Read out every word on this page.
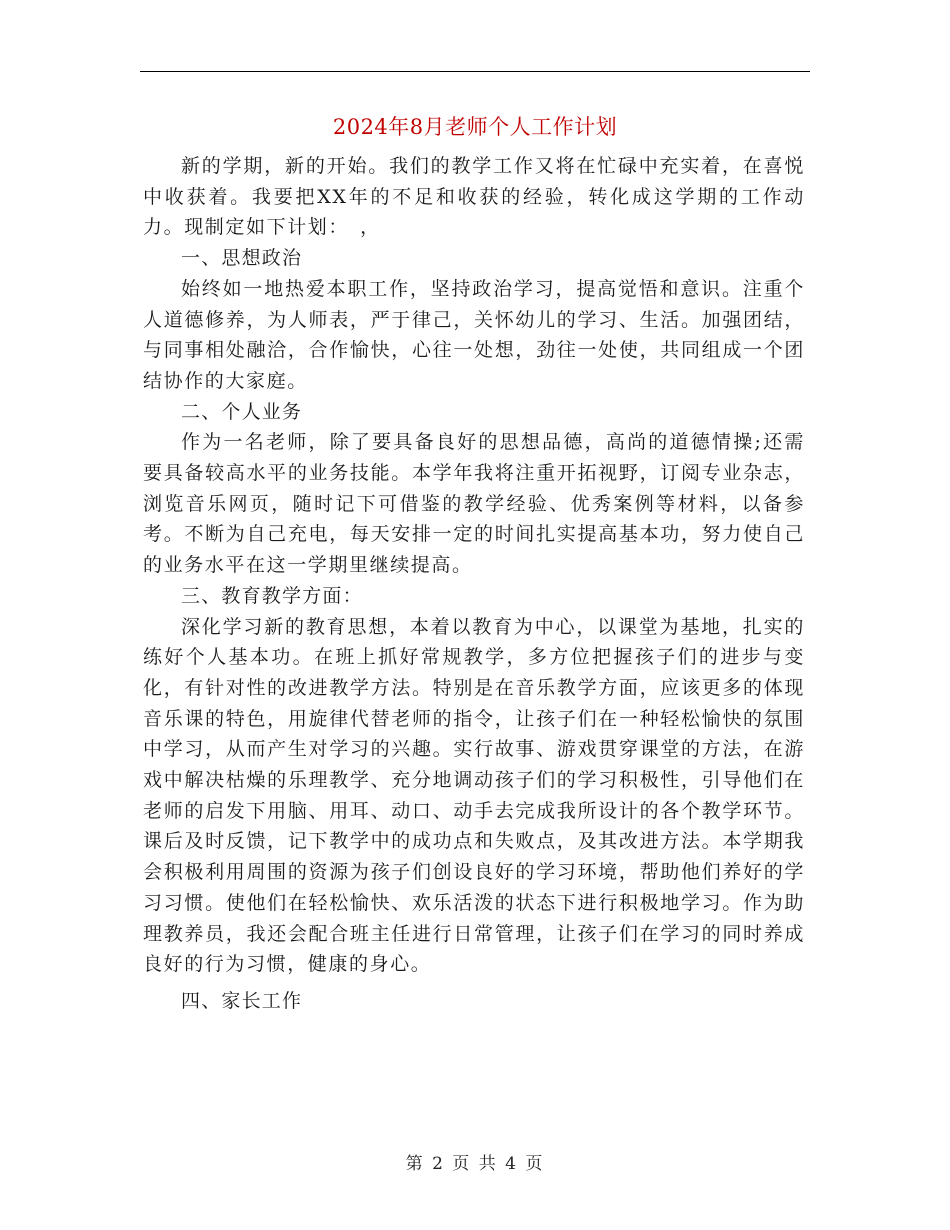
2024年8月老师个人工作计划

新的学期，新的开始。我们的教学工作又将在忙碌中充实着，在喜悦中收获着。我要把XX年的不足和收获的经验，转化成这学期的工作动力。现制定如下计划：　，

一、思想政治

始终如一地热爱本职工作，坚持政治学习，提高觉悟和意识。注重个人道德修养，为人师表，严于律己，关怀幼儿的学习、生活。加强团结，与同事相处融洽，合作愉快，心往一处想，劲往一处使，共同组成一个团结协作的大家庭。

二、个人业务

作为一名老师，除了要具备良好的思想品德，高尚的道德情操;还需要具备较高水平的业务技能。本学年我将注重开拓视野，订阅专业杂志，浏览音乐网页，随时记下可借鉴的教学经验、优秀案例等材料，以备参考。不断为自己充电，每天安排一定的时间扎实提高基本功，努力使自己的业务水平在这一学期里继续提高。

三、教育教学方面：

深化学习新的教育思想，本着以教育为中心，以课堂为基地，扎实的练好个人基本功。在班上抓好常规教学，多方位把握孩子们的进步与变化，有针对性的改进教学方法。特别是在音乐教学方面，应该更多的体现音乐课的特色，用旋律代替老师的指令，让孩子们在一种轻松愉快的氛围中学习，从而产生对学习的兴趣。实行故事、游戏贯穿课堂的方法，在游戏中解决枯燥的乐理教学、充分地调动孩子们的学习积极性，引导他们在老师的启发下用脑、用耳、动口、动手去完成我所设计的各个教学环节。课后及时反馈，记下教学中的成功点和失败点，及其改进方法。本学期我会积极利用周围的资源为孩子们创设良好的学习环境，帮助他们养好的学习习惯。使他们在轻松愉快、欢乐活泼的状态下进行积极地学习。作为助理教养员，我还会配合班主任进行日常管理，让孩子们在学习的同时养成良好的行为习惯，健康的身心。

四、家长工作

第 2 页 共 4 页
